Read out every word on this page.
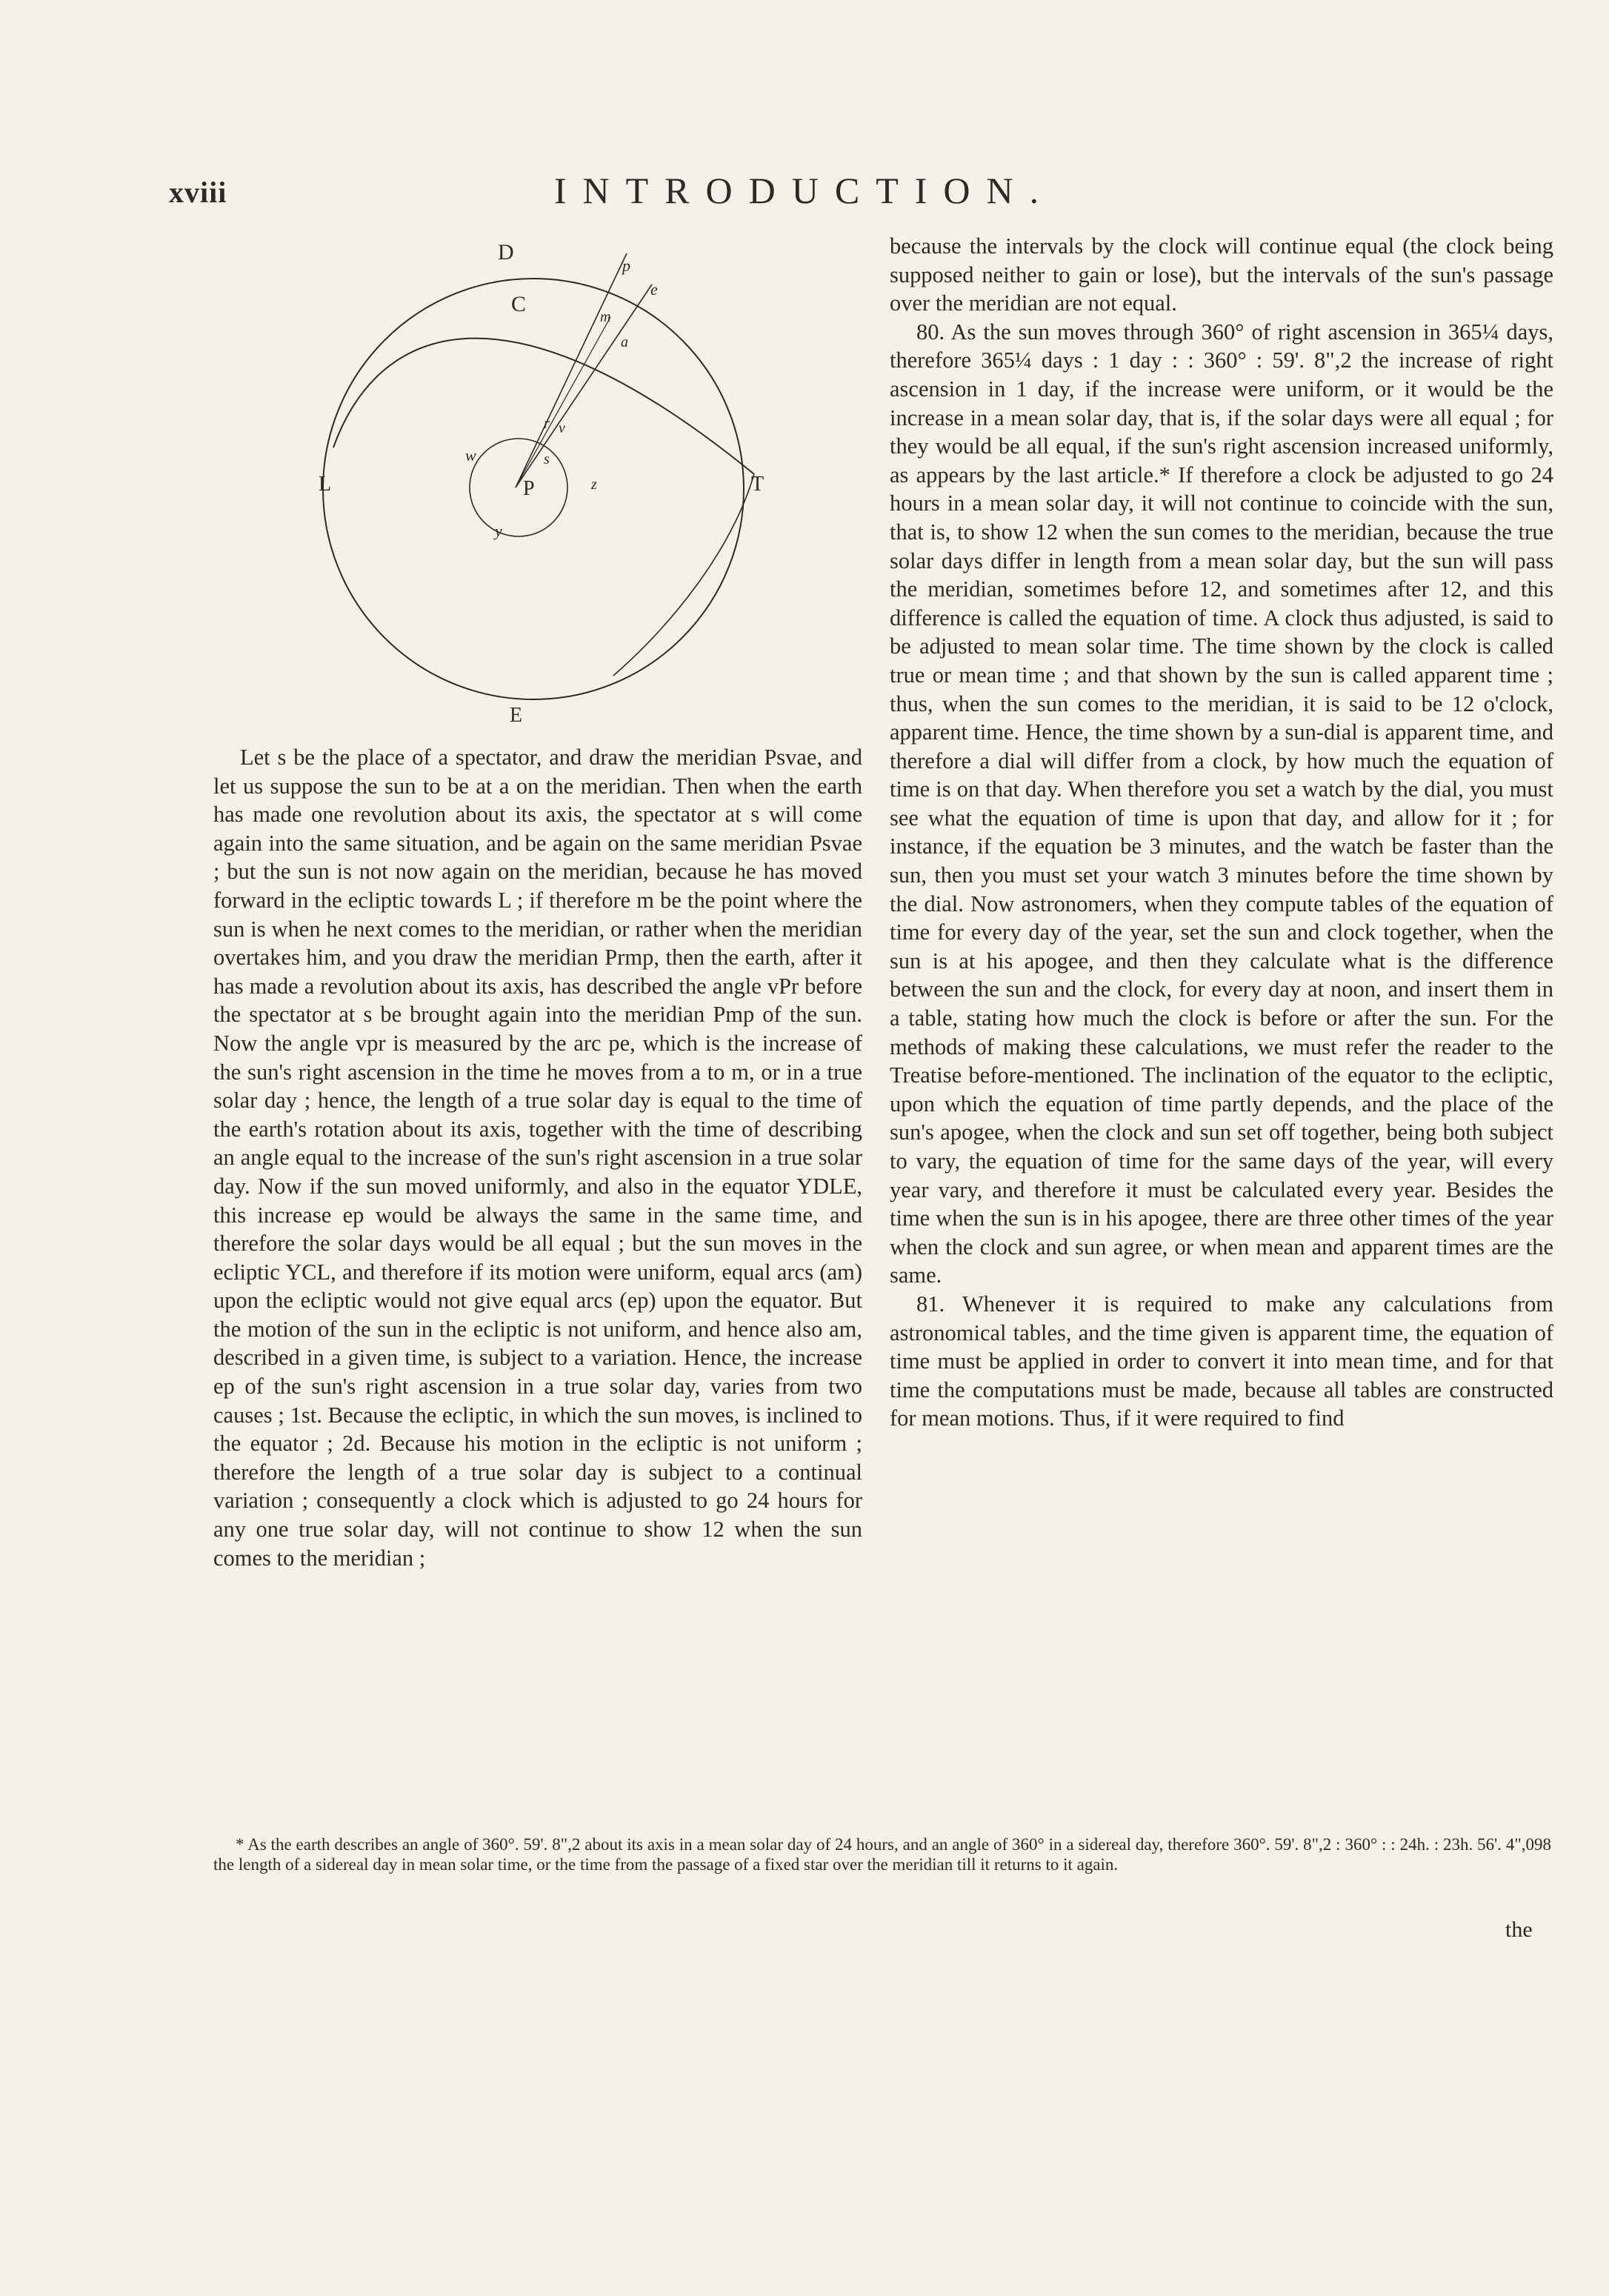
xviii	INTRODUCTION.
D
p
e
C
m
a
r v
w	s
P	z
L	T
y
E

Let s be the place of a spectator, and draw the meridian Psvae, and let us suppose the sun to be at a on the meridian. Then when the earth has made one revolution about its axis, the spectator at s will come again into the same situation, and be again on the same meridian Psvae ; but the sun is not now again on the meridian, because he has moved forward in the ecliptic towards L ; if therefore m be the point where the sun is when he next comes to the meridian, or rather when the meridian overtakes him, and you draw the meridian Prmp, then the earth, after it has made a revolution about its axis, has described the angle vPr before the spectator at s be brought again into the meridian Pmp of the sun. Now the angle vpr is measured by the arc pe, which is the increase of the sun's right ascension in the time he moves from a to m, or in a true solar day ; hence, the length of a true solar day is equal to the time of the earth's rotation about its axis, together with the time of describing an angle equal to the increase of the sun's right ascension in a true solar day. Now if the sun moved uniformly, and also in the equator YDLE, this increase ep would be always the same in the same time, and therefore the solar days would be all equal ; but the sun moves in the ecliptic YCL, and therefore if its motion were uniform, equal arcs (am) upon the ecliptic would not give equal arcs (ep) upon the equator. But the motion of the sun in the ecliptic is not uniform, and hence also am, described in a given time, is subject to a variation. Hence, the increase ep of the sun's right ascension in a true solar day, varies from two causes ; 1st. Because the ecliptic, in which the sun moves, is inclined to the equator ; 2d. Because his motion in the ecliptic is not uniform ; therefore the length of a true solar day is subject to a continual variation ; consequently a clock which is adjusted to go 24 hours for any one true solar day, will not continue to show 12 when the sun comes to the meridian ;

because the intervals by the clock will continue equal (the clock being supposed neither to gain or lose), but the intervals of the sun's passage over the meridian are not equal.

80. As the sun moves through 360° of right ascension in 365¼ days, therefore 365¼ days : 1 day : : 360° : 59'. 8",2 the increase of right ascension in 1 day, if the increase were uniform, or it would be the increase in a mean solar day, that is, if the solar days were all equal ; for they would be all equal, if the sun's right ascension increased uniformly, as appears by the last article.* If therefore a clock be adjusted to go 24 hours in a mean solar day, it will not continue to coincide with the sun, that is, to show 12 when the sun comes to the meridian, because the true solar days differ in length from a mean solar day, but the sun will pass the meridian, sometimes before 12, and sometimes after 12, and this difference is called the equation of time. A clock thus adjusted, is said to be adjusted to mean solar time. The time shown by the clock is called true or mean time ; and that shown by the sun is called apparent time ; thus, when the sun comes to the meridian, it is said to be 12 o'clock, apparent time. Hence, the time shown by a sun-dial is apparent time, and therefore a dial will differ from a clock, by how much the equation of time is on that day. When therefore you set a watch by the dial, you must see what the equation of time is upon that day, and allow for it ; for instance, if the equation be 3 minutes, and the watch be faster than the sun, then you must set your watch 3 minutes before the time shown by the dial. Now astronomers, when they compute tables of the equation of time for every day of the year, set the sun and clock together, when the sun is at his apogee, and then they calculate what is the difference between the sun and the clock, for every day at noon, and insert them in a table, stating how much the clock is before or after the sun. For the methods of making these calculations, we must refer the reader to the Treatise before-mentioned. The inclination of the equator to the ecliptic, upon which the equation of time partly depends, and the place of the sun's apogee, when the clock and sun set off together, being both subject to vary, the equation of time for the same days of the year, will every year vary, and therefore it must be calculated every year. Besides the time when the sun is in his apogee, there are three other times of the year when the clock and sun agree, or when mean and apparent times are the same.

81. Whenever it is required to make any calculations from astronomical tables, and the time given is apparent time, the equation of time must be applied in order to convert it into mean time, and for that time the computations must be made, because all tables are constructed for mean motions. Thus, if it were required to find

* As the earth describes an angle of 360°. 59'. 8",2 about its axis in a mean solar day of 24 hours, and an angle of 360° in a sidereal day, therefore 360°. 59'. 8",2 : 360° : : 24h. : 23h. 56'. 4",098 the length of a sidereal day in mean solar time, or the time from the passage of a fixed star over the meridian till it returns to it again.

the
